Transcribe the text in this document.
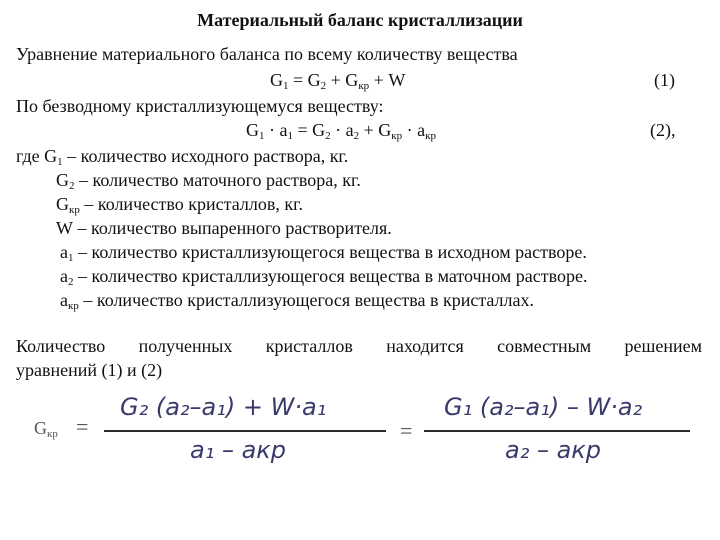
Материальный баланс кристаллизации
Уравнение материального баланса по всему количеству вещества
$G_1 = G_2 + G_{кр} + W$	(1)
По безводному кристаллизующемуся веществу:
$G_1 \cdot a_1 = G_2 \cdot a_2 + G_{кр} \cdot a_{кр}$	(2),
где $G_1$ – количество исходного раствора, кг.
$G_2$ – количество маточного раствора, кг.
$G_{кр}$ – количество кристаллов, кг.
W – количество выпаренного растворителя.
$a_1$ – количество кристаллизующегося вещества в исходном растворе.
$a_2$ – количество кристаллизующегося вещества в маточном растворе.
$a_{кр}$ – количество кристаллизующегося вещества в кристаллах.
Количество полученных кристаллов находится совместным решением
уравнений (1) и (2)
$G_{кр}$ =
G₂ (a₂–a₁) + W·a₁
a₁ – aкр
=
G₁ (a₂–a₁) – W·a₂
a₂ – aкр
